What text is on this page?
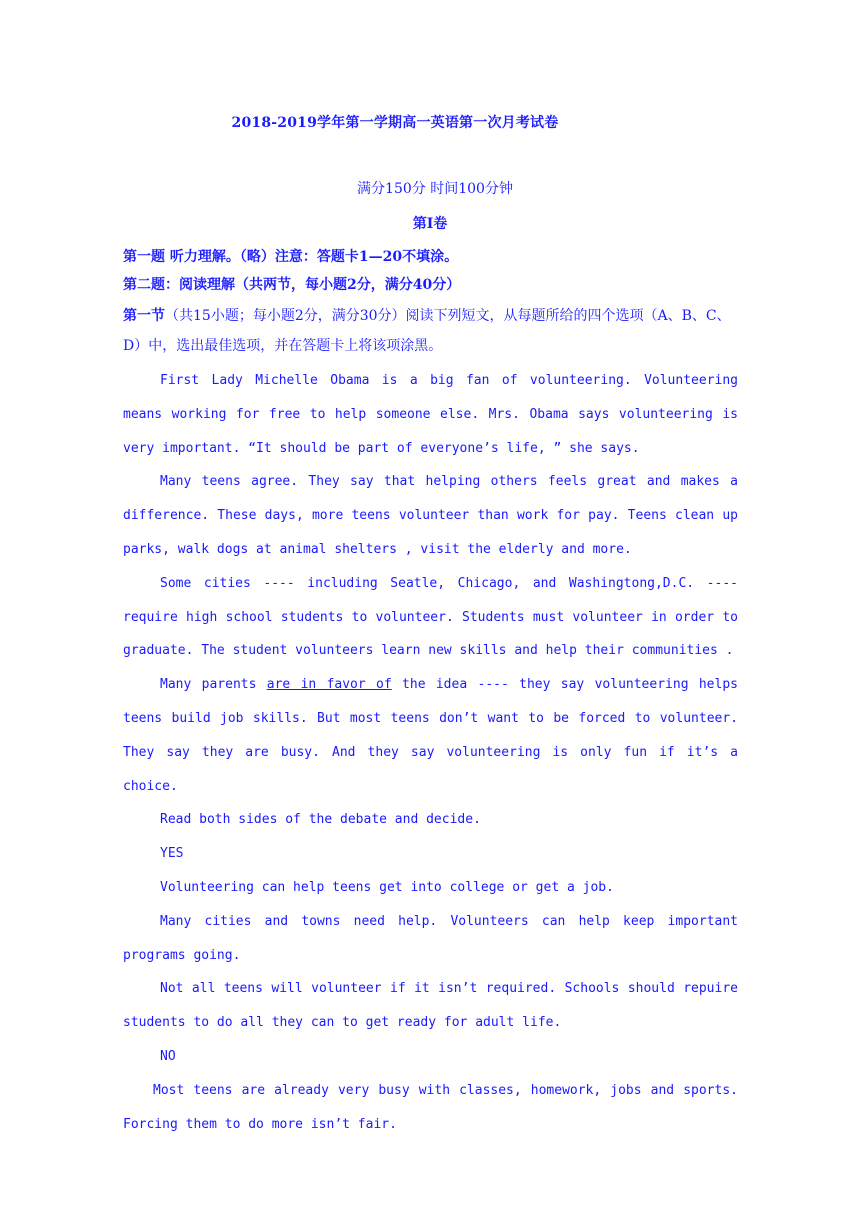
2018-2019学年第一学期高一英语第一次月考试卷
满分150分 时间100分钟
第I卷
第一题 听力理解。（略）注意：答题卡1—20不填涂。
第二题：阅读理解（共两节，每小题2分，满分40分）
第一节（共15小题；每小题2分，满分30分）阅读下列短文，从每题所给的四个选项（A、B、C、D）中，选出最佳选项，并在答题卡上将该项涂黑。

First Lady Michelle Obama is a big fan of volunteering. Volunteering means working for free to help someone else. Mrs. Obama says volunteering is very important. “It should be part of everyone’s life, ” she says.

Many teens agree. They say that helping others feels great and makes a difference. These days, more teens volunteer than work for pay. Teens clean up parks, walk dogs at animal shelters , visit the elderly and more.

Some cities ---- including Seatle, Chicago, and Washingtong,D.C. ----require high school students to volunteer. Students must volunteer in order to graduate. The student volunteers learn new skills and help their communities .

Many parents are in favor of the idea ---- they say volunteering helps teens build job skills. But most teens don’t want to be forced to volunteer. They say they are busy. And they say volunteering is only fun if it’s a choice.

Read both sides of the debate and decide.

YES

Volunteering can help teens get into college or get a job.

Many cities and towns need help. Volunteers can help keep important programs going.

Not all teens will volunteer if it isn’t required. Schools should repuire students to do all they can to get ready for adult life.

NO

Most teens are already very busy with classes, homework, jobs and sports. Forcing them to do more isn’t fair.
